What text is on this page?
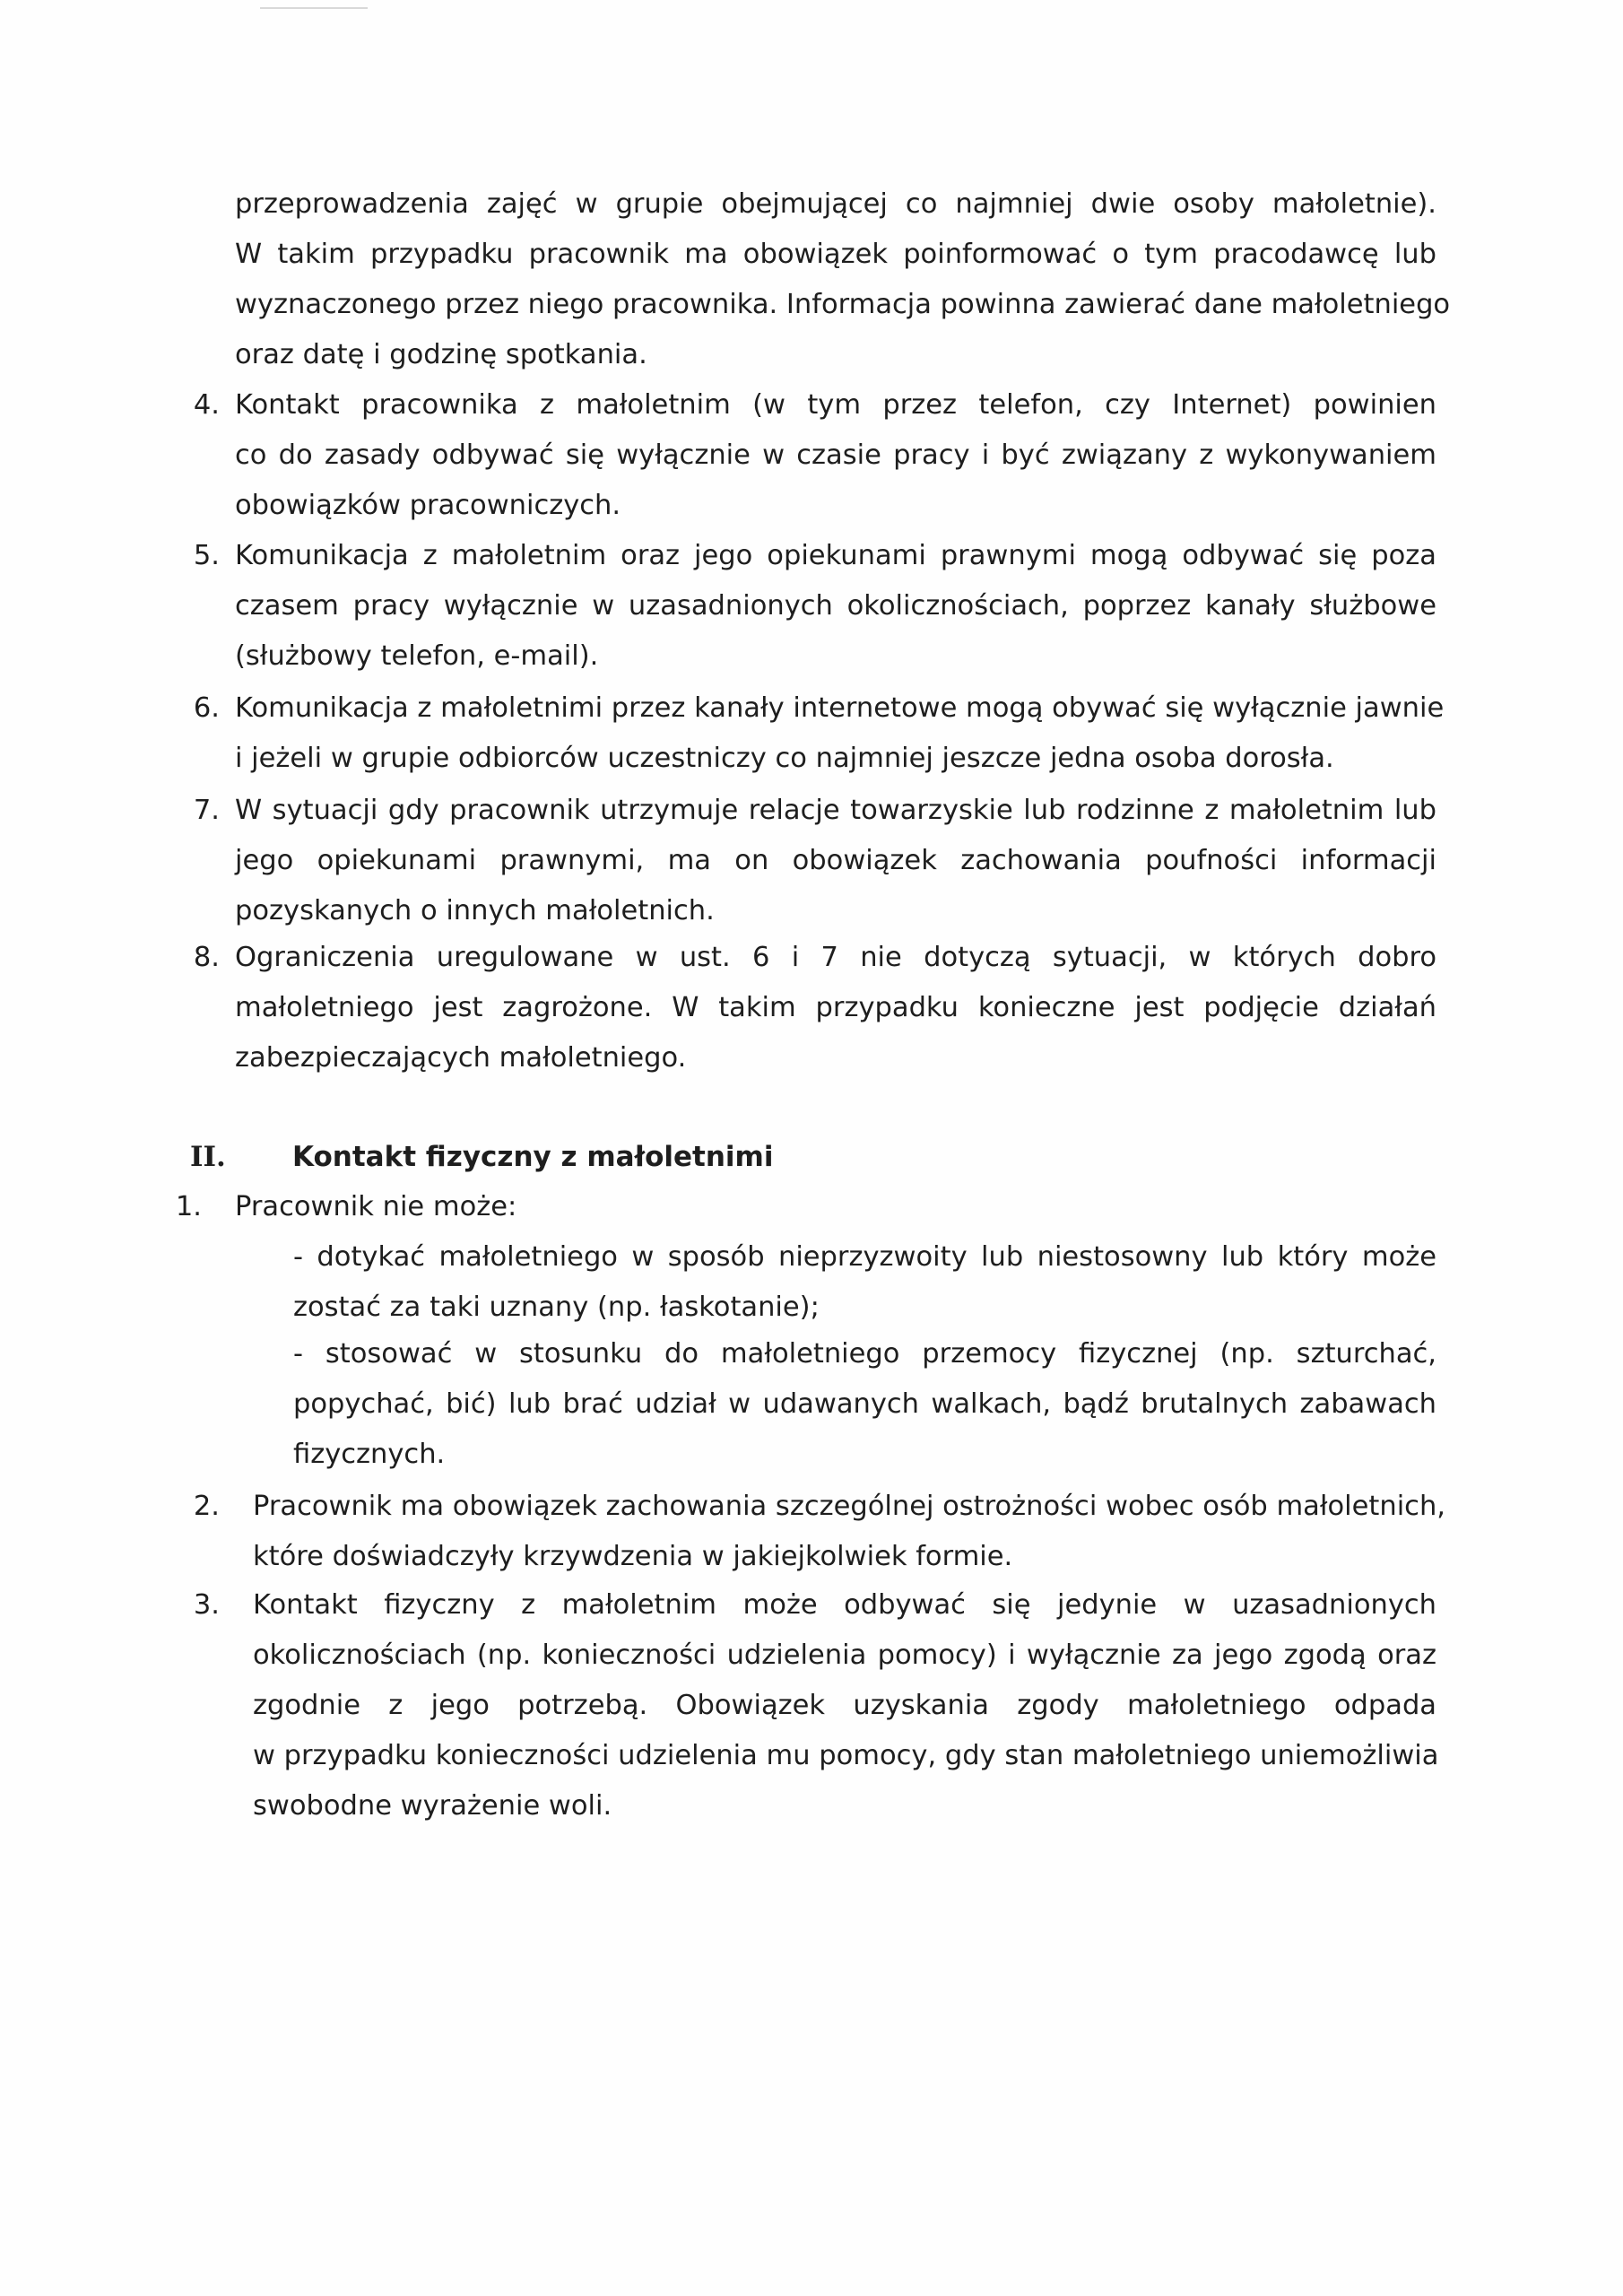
przeprowadzenia zajęć w grupie obejmującej co najmniej dwie osoby małoletnie).
W takim przypadku pracownik ma obowiązek poinformować o tym pracodawcę lub
wyznaczonego przez niego pracownika. Informacja powinna zawierać dane małoletniego
oraz datę i godzinę spotkania.
4. Kontakt pracownika z małoletnim (w tym przez telefon, czy Internet) powinien
co do zasady odbywać się wyłącznie w czasie pracy i być związany z wykonywaniem
obowiązków pracowniczych.
5. Komunikacja z małoletnim oraz jego opiekunami prawnymi mogą odbywać się poza
czasem pracy wyłącznie w uzasadnionych okolicznościach, poprzez kanały służbowe
(służbowy telefon, e-mail).
6. Komunikacja z małoletnimi przez kanały internetowe mogą obywać się wyłącznie jawnie
i jeżeli w grupie odbiorców uczestniczy co najmniej jeszcze jedna osoba dorosła.
7. W sytuacji gdy pracownik utrzymuje relacje towarzyskie lub rodzinne z małoletnim lub
jego opiekunami prawnymi, ma on obowiązek zachowania poufności informacji
pozyskanych o innych małoletnich.
8. Ograniczenia uregulowane w ust. 6 i 7 nie dotyczą sytuacji, w których dobro
małoletniego jest zagrożone. W takim przypadku konieczne jest podjęcie działań
zabezpieczających małoletniego.
II. Kontakt fizyczny z małoletnimi
1. Pracownik nie może:
- dotykać małoletniego w sposób nieprzyzwoity lub niestosowny lub który może
zostać za taki uznany (np. łaskotanie);
- stosować w stosunku do małoletniego przemocy fizycznej (np. szturchać,
popychać, bić) lub brać udział w udawanych walkach, bądź brutalnych zabawach
fizycznych.
2. Pracownik ma obowiązek zachowania szczególnej ostrożności wobec osób małoletnich,
które doświadczyły krzywdzenia w jakiejkolwiek formie.
3. Kontakt fizyczny z małoletnim może odbywać się jedynie w uzasadnionych
okolicznościach (np. konieczności udzielenia pomocy) i wyłącznie za jego zgodą oraz
zgodnie z jego potrzebą. Obowiązek uzyskania zgody małoletniego odpada
w przypadku konieczności udzielenia mu pomocy, gdy stan małoletniego uniemożliwia
swobodne wyrażenie woli.
